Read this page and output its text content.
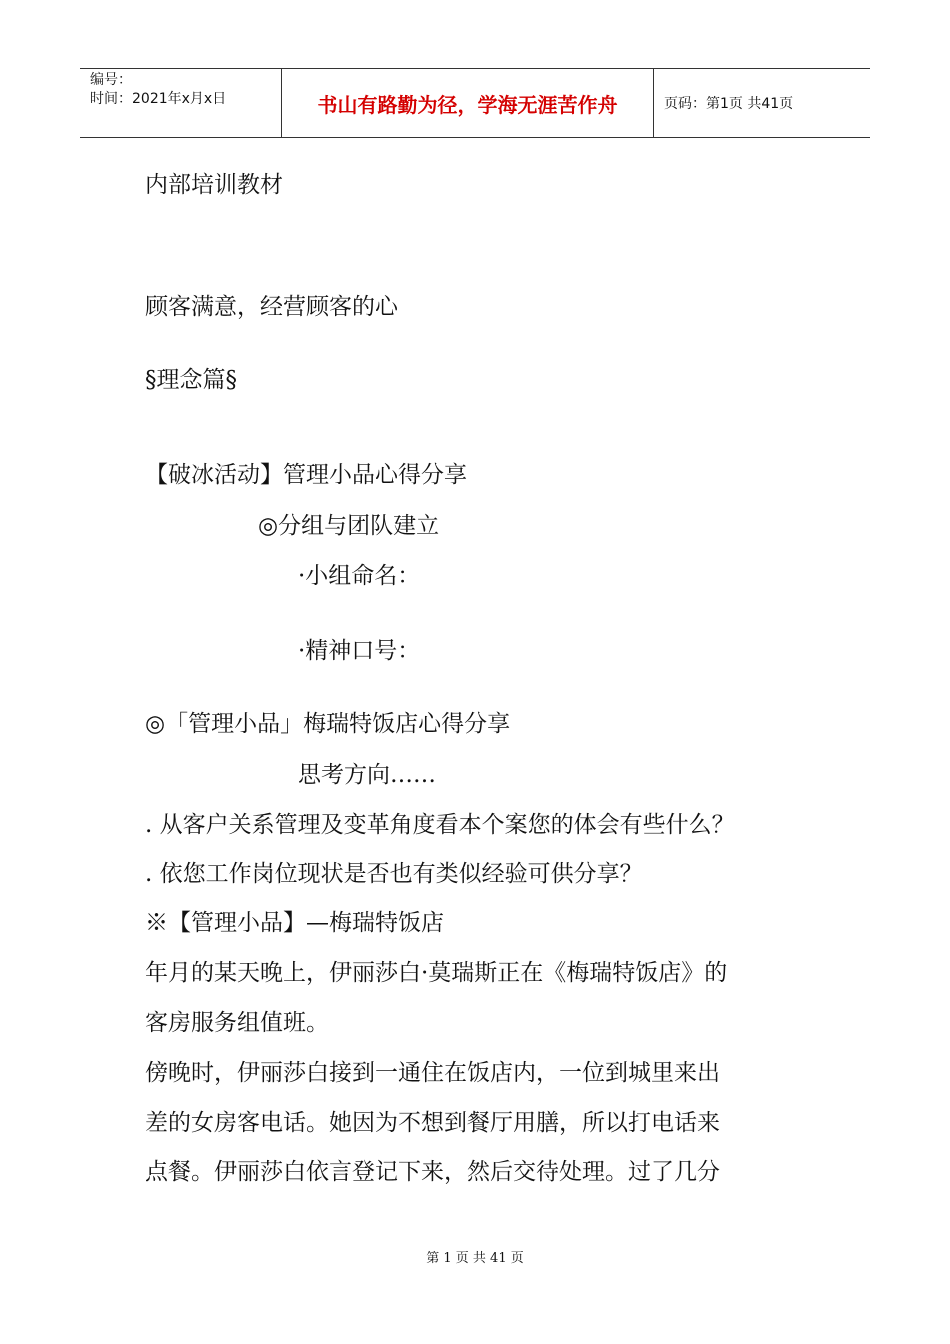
编号：
时间：2021年x月x日	书山有路勤为径，学海无涯苦作舟	页码：第1页 共41页
内部培训教材
顾客满意，经营顾客的心
§理念篇§
【破冰活动】管理小品心得分享
◎分组与团队建立
·小组命名：
·精神口号：
◎「管理小品」梅瑞特饭店心得分享
思考方向……
. 从客户关系管理及变革角度看本个案您的体会有些什么？
. 依您工作岗位现状是否也有类似经验可供分享？
※【管理小品】—梅瑞特饭店
年月的某天晚上，伊丽莎白·莫瑞斯正在《梅瑞特饭店》的
客房服务组值班。
傍晚时，伊丽莎白接到一通住在饭店内，一位到城里来出
差的女房客电话。她因为不想到餐厅用膳，所以打电话来
点餐。伊丽莎白依言登记下来，然后交待处理。过了几分
第 1 页 共 41 页
